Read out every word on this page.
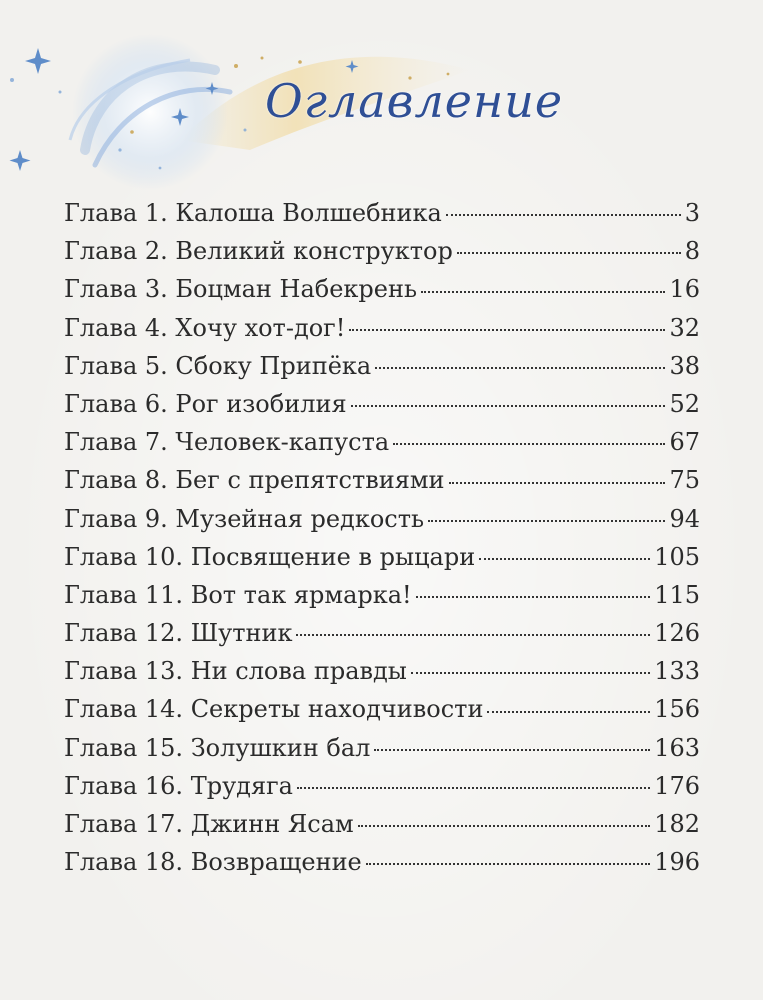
Оглавление
Глава 1. Калоша Волшебника	3
Глава 2. Великий конструктор	8
Глава 3. Боцман Набекрень	16
Глава 4. Хочу хот-дог!	32
Глава 5. Сбоку Припёка	38
Глава 6. Рог изобилия	52
Глава 7. Человек-капуста	67
Глава 8. Бег с препятствиями	75
Глава 9. Музейная редкость	94
Глава 10. Посвящение в рыцари	105
Глава 11. Вот так ярмарка!	115
Глава 12. Шутник	126
Глава 13. Ни слова правды	133
Глава 14. Секреты находчивости	156
Глава 15. Золушкин бал	163
Глава 16. Трудяга	176
Глава 17. Джинн Ясам	182
Глава 18. Возвращение	196
